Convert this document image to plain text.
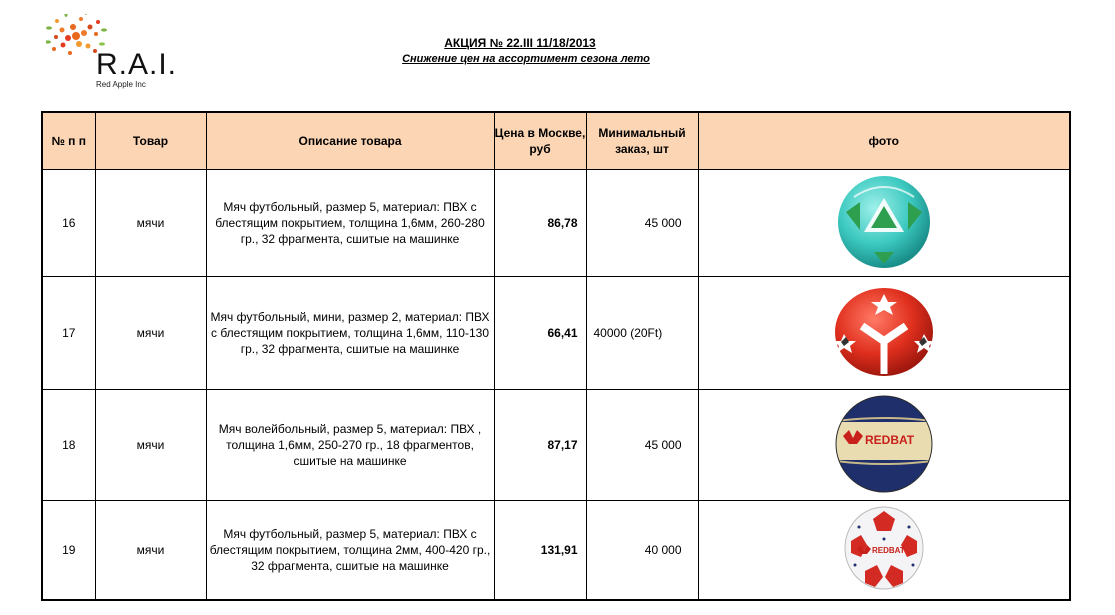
R.A.I.
Red Apple Inc
АКЦИЯ № 22.III 11/18/2013
Снижение цен на ассортимент сезона лето
№ п п	Товар	Описание товара	Цена в Москве, руб	Минимальный заказ, шт	фото
16	мячи	Мяч футбольный, размер 5, материал: ПВХ с блестящим покрытием, толщина 1,6мм, 260-280 гр., 32 фрагмента, сшитые на машинке	86,78	45 000	
17	мячи	Мяч футбольный, мини, размер 2, материал: ПВХ с блестящим покрытием, толщина 1,6мм, 110-130 гр., 32 фрагмента, сшитые на машинке	66,41	40000 (20Ft)	
18	мячи	Мяч волейбольный, размер 5, материал: ПВХ , толщина 1,6мм, 250-270 гр., 18 фрагментов, сшитые на машинке	87,17	45 000	REDBAT

19	мячи	Мяч футбольный, размер 5, материал: ПВХ с блестящим покрытием, толщина 2мм, 400-420 гр., 32 фрагмента, сшитые на машинке	131,91	40 000	REDBAT
